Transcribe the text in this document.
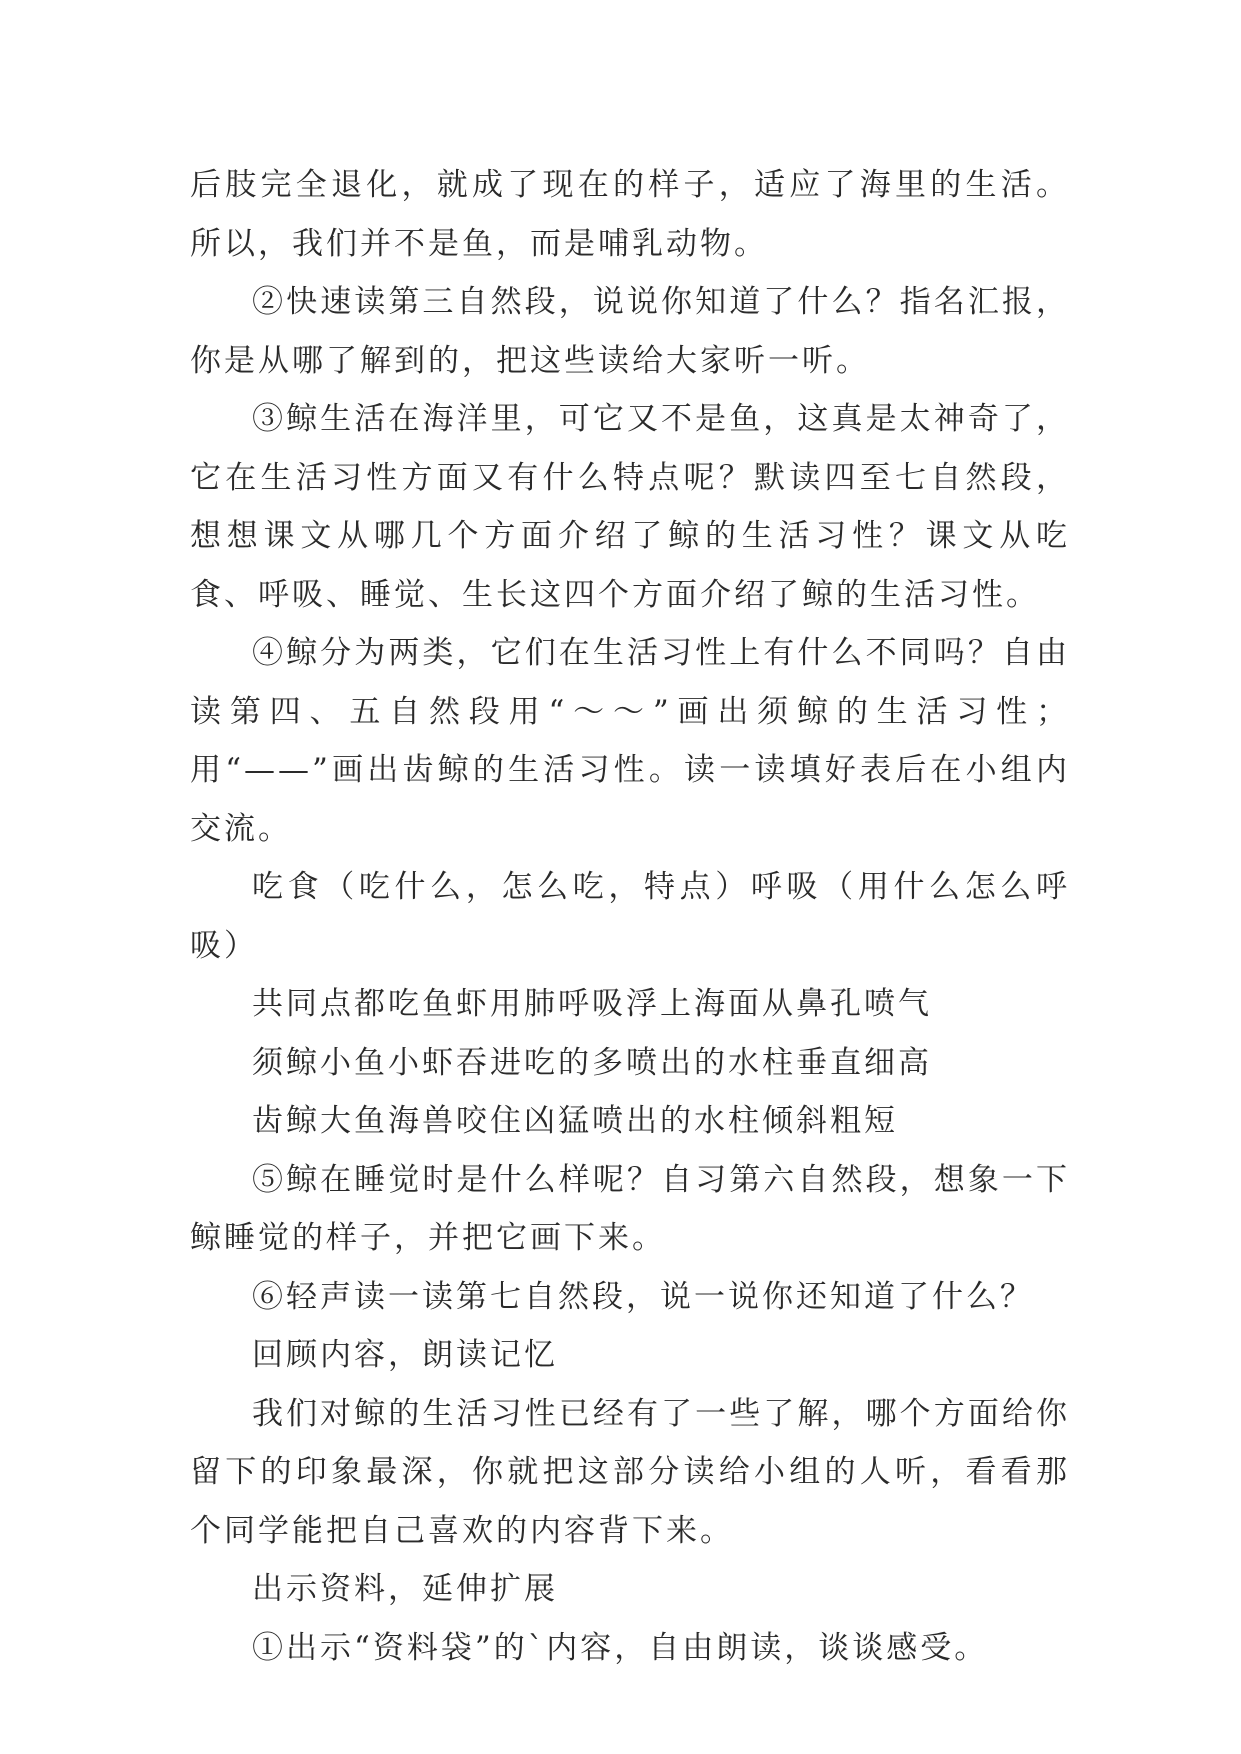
后肢完全退化，就成了现在的样子，适应了海里的生活。所以，我们并不是鱼，而是哺乳动物。

②快速读第三自然段，说说你知道了什么？指名汇报，你是从哪了解到的，把这些读给大家听一听。

③鲸生活在海洋里，可它又不是鱼，这真是太神奇了，它在生活习性方面又有什么特点呢？默读四至七自然段，想想课文从哪几个方面介绍了鲸的生活习性？课文从吃食、呼吸、睡觉、生长这四个方面介绍了鲸的生活习性。

④鲸分为两类，它们在生活习性上有什么不同吗？自由读第四、五自然段用“～～”画出须鲸的生活习性；用“——”画出齿鲸的生活习性。读一读填好表后在小组内交流。

吃食（吃什么，怎么吃，特点）呼吸（用什么怎么呼吸）

共同点都吃鱼虾用肺呼吸浮上海面从鼻孔喷气

须鲸小鱼小虾吞进吃的多喷出的水柱垂直细高

齿鲸大鱼海兽咬住凶猛喷出的水柱倾斜粗短

⑤鲸在睡觉时是什么样呢？自习第六自然段，想象一下鲸睡觉的样子，并把它画下来。

⑥轻声读一读第七自然段，说一说你还知道了什么？

回顾内容，朗读记忆

我们对鲸的生活习性已经有了一些了解，哪个方面给你留下的印象最深，你就把这部分读给小组的人听，看看那个同学能把自己喜欢的内容背下来。

出示资料，延伸扩展

①出示“资料袋”的`内容，自由朗读，谈谈感受。
